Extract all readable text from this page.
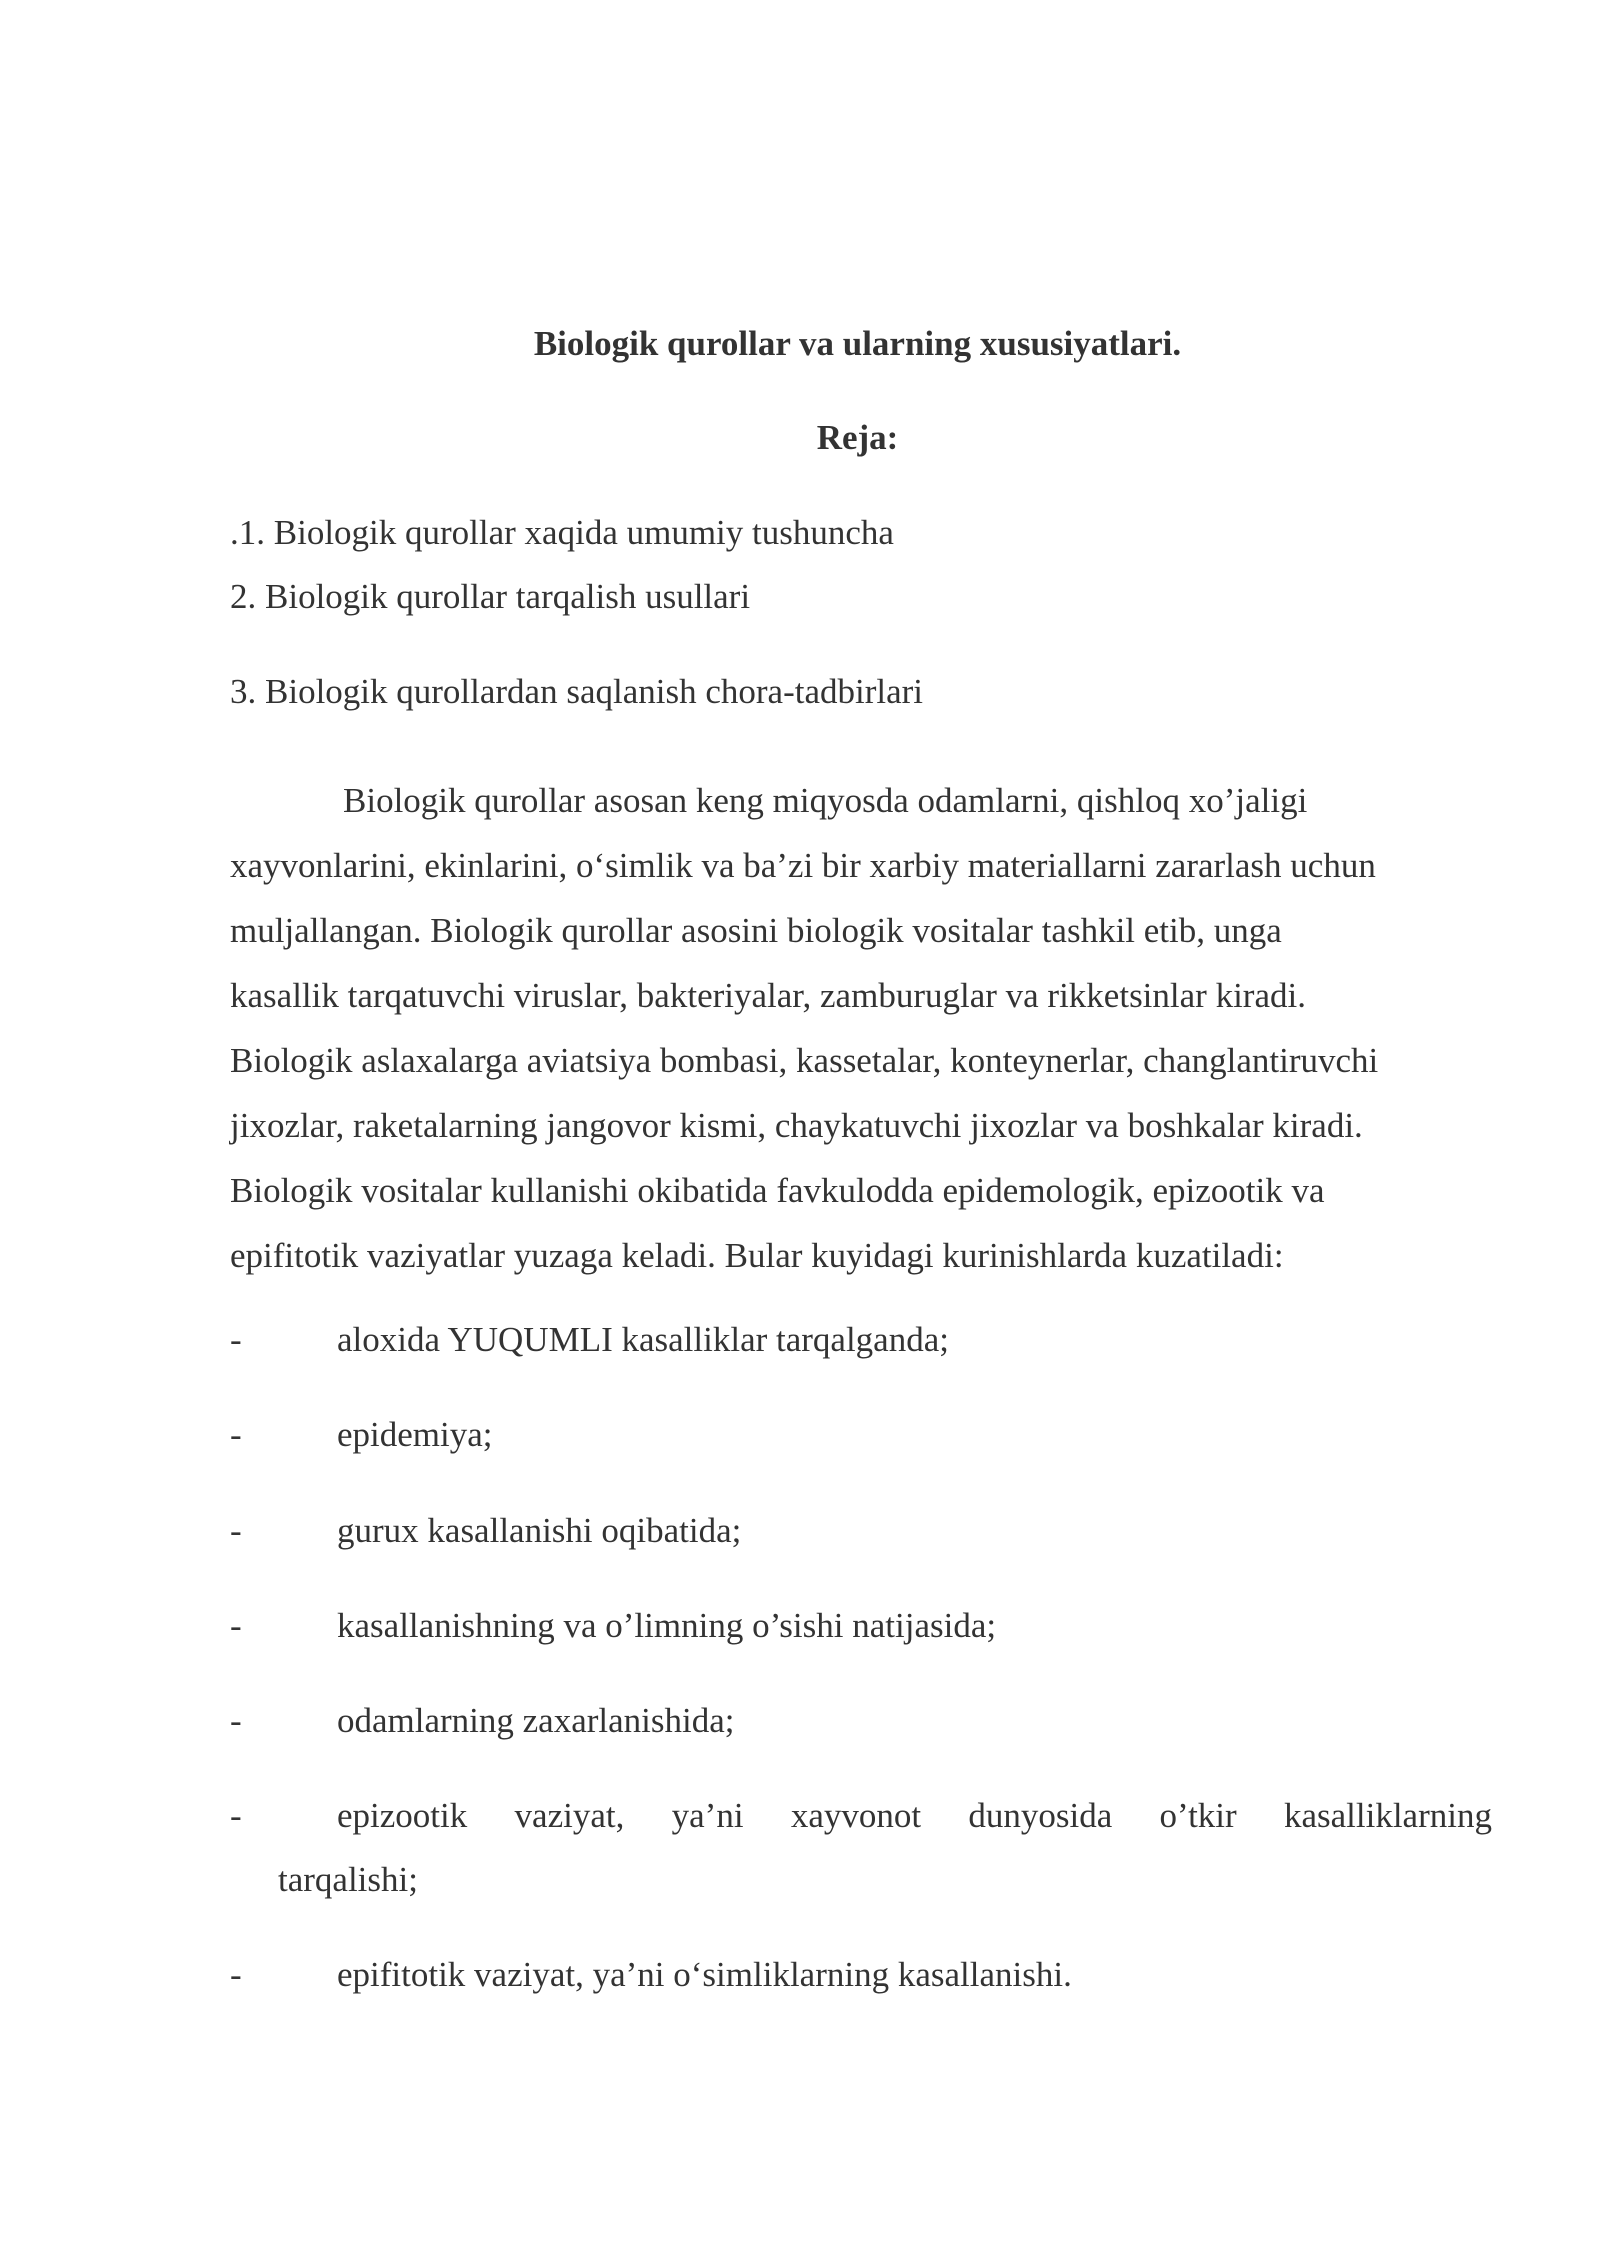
Biologik qurollar va ularning xususiyatlari.
Reja:
.1. Biologik qurollar xaqida umumiy tushuncha
2. Biologik qurollar tarqalish usullari
3. Biologik qurollardan saqlanish chora-tadbirlari
Biologik qurollar asosan keng miqyosda odamlarni, qishloq xo’jaligi
xayvonlarini, ekinlarini, o‘simlik va ba’zi bir xarbiy materiallarni zararlash uchun
muljallangan. Biologik qurollar asosini biologik vositalar tashkil etib, unga
kasallik tarqatuvchi viruslar, bakteriyalar, zamburuglar va rikketsinlar kiradi.
Biologik aslaxalarga aviatsiya bombasi, kassetalar, konteynerlar, changlantiruvchi
jixozlar, raketalarning jangovor kismi, chaykatuvchi jixozlar va boshkalar kiradi.
Biologik vositalar kullanishi okibatida favkulodda epidemologik, epizootik va
epifitotik vaziyatlar yuzaga keladi. Bular kuyidagi kurinishlarda kuzatiladi:
-	aloxida YUQUMLI kasalliklar tarqalganda;
-	epidemiya;
-	gurux kasallanishi oqibatida;
-	kasallanishning va o’limning o’sishi natijasida;
-	odamlarning zaxarlanishida;
-	epizootik vaziyat, ya’ni xayvonot dunyosida o’tkir kasalliklarning
tarqalishi;
-	epifitotik vaziyat, ya’ni o‘simliklarning kasallanishi.
